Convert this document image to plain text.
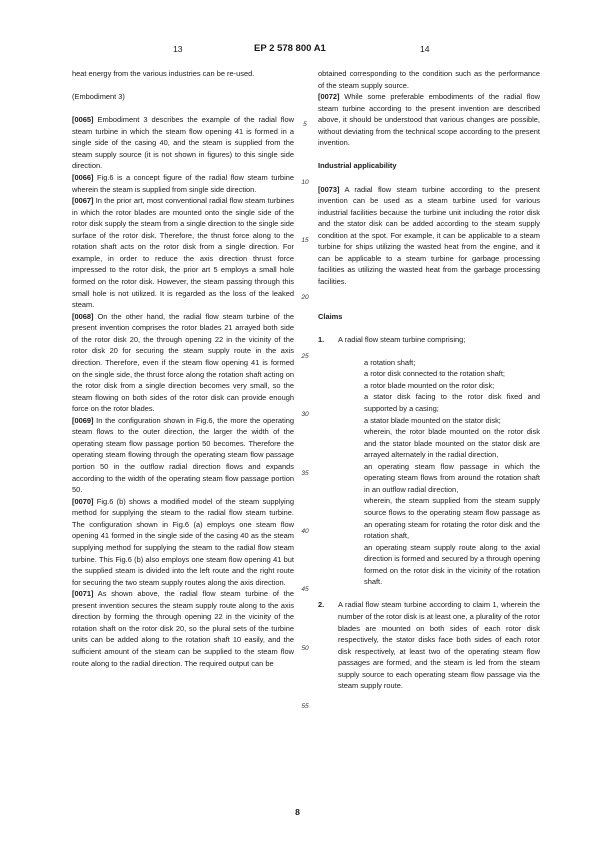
13	EP 2 578 800 A1	14
5
10
15
20
25
30
35
40
45
50
55

heat energy from the various industries can be re-used.

(Embodiment 3)

[0065] Embodiment 3 describes the example of the radial flow steam turbine in which the steam flow opening 41 is formed in a single side of the casing 40, and the steam is supplied from the steam supply source (it is not shown in figures) to this single side direction.

[0066] Fig.6 is a concept figure of the radial flow steam turbine wherein the steam is supplied from single side direction.

[0067] In the prior art, most conventional radial flow steam turbines in which the rotor blades are mounted onto the single side of the rotor disk supply the steam from a single direction to the single side surface of the rotor disk. Therefore, the thrust force along to the rotation shaft acts on the rotor disk from a single direction. For example, in order to reduce the axis direction thrust force impressed to the rotor disk, the prior art 5 employs a small hole formed on the rotor disk. However, the steam passing through this small hole is not utilized. It is regarded as the loss of the leaked steam.

[0068] On the other hand, the radial flow steam turbine of the present invention comprises the rotor blades 21 arrayed both side of the rotor disk 20, the through opening 22 in the vicinity of the rotor disk 20 for securing the steam supply route in the axis direction. Therefore, even if the steam flow opening 41 is formed on the single side, the thrust force along the rotation shaft acting on the rotor disk from a single direction becomes very small, so the steam flowing on both sides of the rotor disk can provide enough force on the rotor blades.

[0069] In the configuration shown in Fig.6, the more the operating steam flows to the outer direction, the larger the width of the operating steam flow passage portion 50 becomes. Therefore the operating steam flowing through the operating steam flow passage portion 50 in the outflow radial direction flows and expands according to the width of the operating steam flow passage portion 50.

[0070] Fig.6 (b) shows a modified model of the steam supplying method for supplying the steam to the radial flow steam turbine. The configuration shown in Fig.6 (a) employs one steam flow opening 41 formed in the single side of the casing 40 as the steam supplying method for supplying the steam to the radial flow steam turbine. This Fig.6 (b) also employs one steam flow opening 41 but the supplied steam is divided into the left route and the right route for securing the two steam supply routes along the axis direction.

[0071] As shown above, the radial flow steam turbine of the present invention secures the steam supply route along to the axis direction by forming the through opening 22 in the vicinity of the rotation shaft on the rotor disk 20, so the plural sets of the turbine units can be added along to the rotation shaft 10 easily, and the sufficient amount of the steam can be supplied to the steam flow route along to the radial direction. The required output can be

obtained corresponding to the condition such as the performance of the steam supply source.

[0072] While some preferable embodiments of the radial flow steam turbine according to the present invention are described above, it should be understood that various changes are possible, without deviating from the technical scope according to the present invention.

Industrial applicability

[0073] A radial flow steam turbine according to the present invention can be used as a steam turbine used for various industrial facilities because the turbine unit including the rotor disk and the stator disk can be added according to the steam supply condition at the spot. For example, it can be applicable to a steam turbine for ships utilizing the wasted heat from the engine, and it can be applicable to a steam turbine for garbage processing facilities as utilizing the wasted heat from the garbage processing facilities.

Claims

1.	A radial flow steam turbine comprising;

a rotation shaft;

a rotor disk connected to the rotation shaft;

a rotor blade mounted on the rotor disk;

a stator disk facing to the rotor disk fixed and supported by a casing;

a stator blade mounted on the stator disk;

wherein, the rotor blade mounted on the rotor disk and the stator blade mounted on the stator disk are arrayed alternately in the radial direction,

an operating steam flow passage in which the operating steam flows from around the rotation shaft in an outflow radial direction,

wherein, the steam supplied from the steam supply source flows to the operating steam flow passage as an operating steam for rotating the rotor disk and the rotation shaft,

an operating steam supply route along to the axial direction is formed and secured by a through opening formed on the rotor disk in the vicinity of the rotation shaft.

2.	A radial flow steam turbine according to claim 1, wherein the number of the rotor disk is at least one, a plurality of the rotor blades are mounted on both sides of each rotor disk respectively, the stator disks face both sides of each rotor disk respectively, at least two of the operating steam flow passages are formed, and the steam is led from the steam supply source to each operating steam flow passage via the steam supply route.
8
